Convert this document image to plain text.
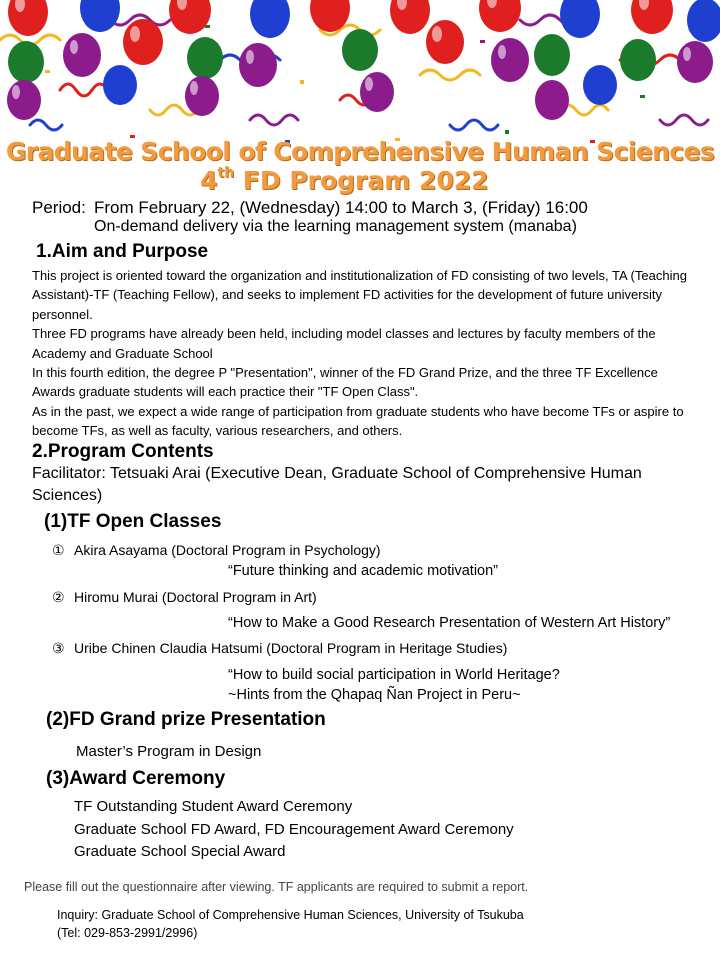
Graduate School of Comprehensive Human Sciences
4th FD Program 2022
Period: From February 22, (Wednesday) 14:00 to March 3, (Friday) 16:00
On-demand delivery via the learning management system (manaba)
1.Aim and Purpose

This project is oriented toward the organization and institutionalization of FD consisting of two levels, TA (Teaching Assistant)-TF (Teaching Fellow), and seeks to implement FD activities for the development of future university personnel.

Three FD programs have already been held, including model classes and lectures by faculty members of the Academy and Graduate School

In this fourth edition, the degree P "Presentation", winner of the FD Grand Prize, and the three TF Excellence Awards graduate students will each practice their "TF Open Class".

As in the past, we expect a wide range of participation from graduate students who have become TFs or aspire to become TFs, as well as faculty, various researchers, and others.

2.Program Contents
Facilitator: Tetsuaki Arai (Executive Dean, Graduate School of Comprehensive Human Sciences)
(1)TF Open Classes
① Akira Asayama (Doctoral Program in Psychology)
“Future thinking and academic motivation”
② Hiromu Murai (Doctoral Program in Art)
“How to Make a Good Research Presentation of Western Art History”
③ Uribe Chinen Claudia Hatsumi (Doctoral Program in Heritage Studies)
“How to build social participation in World Heritage?
~Hints from the Qhapaq Ñan Project in Peru~
(2)FD Grand prize Presentation
Master’s Program in Design
(3)Award Ceremony
TF Outstanding Student Award Ceremony
Graduate School FD Award, FD Encouragement Award Ceremony
Graduate School Special Award
Please fill out the questionnaire after viewing. TF applicants are required to submit a report.
Inquiry: Graduate School of Comprehensive Human Sciences, University of Tsukuba
(Tel: 029-853-2991/2996)
